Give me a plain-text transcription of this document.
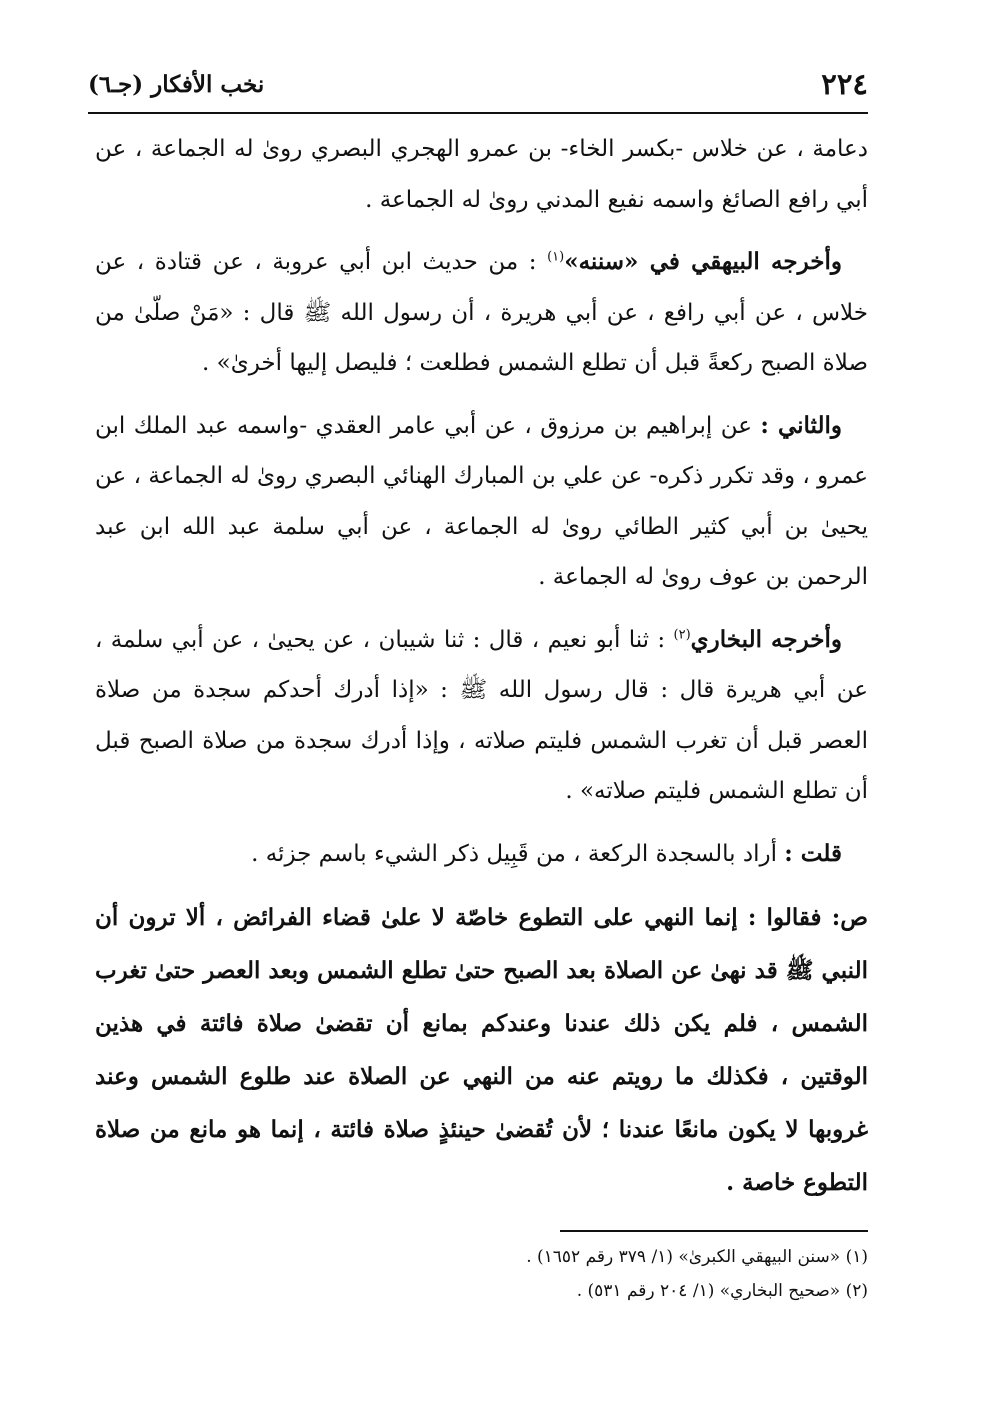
٢٢٤
نخب الأفكار (جـ٦)

دعامة ، عن خلاس -بكسر الخاء- بن عمرو الهجري البصري روىٰ له الجماعة ، عن أبي رافع الصائغ واسمه نفيع المدني روىٰ له الجماعة .

وأخرجه البيهقي في «سننه»$^{(١)}$ : من حديث ابن أبي عروبة ، عن قتادة ، عن خلاس ، عن أبي رافع ، عن أبي هريرة ، أن رسول الله ﷺ قال : «مَنْ صلّىٰ من صلاة الصبح ركعةً قبل أن تطلع الشمس فطلعت ؛ فليصل إليها أخرىٰ» .

والثاني : عن إبراهيم بن مرزوق ، عن أبي عامر العقدي -واسمه عبد الملك ابن عمرو ، وقد تكرر ذكره- عن علي بن المبارك الهنائي البصري روىٰ له الجماعة ، عن يحيىٰ بن أبي كثير الطائي روىٰ له الجماعة ، عن أبي سلمة عبد الله ابن عبد الرحمن بن عوف روىٰ له الجماعة .

وأخرجه البخاري$^{(٢)}$ : ثنا أبو نعيم ، قال : ثنا شيبان ، عن يحيىٰ ، عن أبي سلمة ، عن أبي هريرة قال : قال رسول الله ﷺ : «إذا أدرك أحدكم سجدة من صلاة العصر قبل أن تغرب الشمس فليتم صلاته ، وإذا أدرك سجدة من صلاة الصبح قبل أن تطلع الشمس فليتم صلاته» .

قلت : أراد بالسجدة الركعة ، من قَبِيل ذكر الشيء باسم جزئه .

ص: فقالوا : إنما النهي على التطوع خاصّة لا علىٰ قضاء الفرائض ، ألا ترون أن النبي ﷺ قد نهىٰ عن الصلاة بعد الصبح حتىٰ تطلع الشمس وبعد العصر حتىٰ تغرب الشمس ، فلم يكن ذلك عندنا وعندكم بمانع أن تقضىٰ صلاة فائتة في هذين الوقتين ، فكذلك ما رويتم عنه من النهي عن الصلاة عند طلوع الشمس وعند غروبها لا يكون مانعًا عندنا ؛ لأن تُقضىٰ حينئذٍ صلاة فائتة ، إنما هو مانع من صلاة التطوع خاصة .

(١) «سنن البيهقي الكبرىٰ» (١/ ٣٧٩ رقم ١٦٥٢) .
(٢) «صحيح البخاري» (١/ ٢٠٤ رقم ٥٣١) .
